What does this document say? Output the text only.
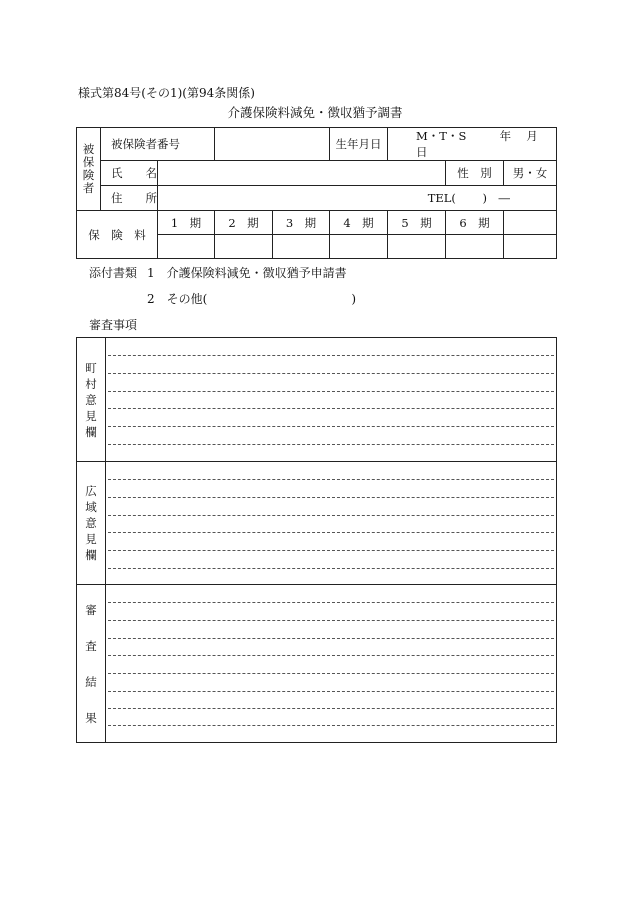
様式第84号(その1)(第94条関係)
介護保険料減免・徴収猶予調書
被
保
険
者	被保険者番号				生年月日	M・T・S 年　 月　 日		
	氏　　名						性　別	男・女
	住　　所	TEL(　　 )　―						
保　険　料		1　期	2　期	3　期	4　期	5　期	6　期	

添付書類 1　介護保険料減免・徴収猶予申請書
2　その他(　　　　　　　　　　　　)
審査事項
町
村
意
見
欄	

広
域
意
見
欄	

審
査
結
果	
